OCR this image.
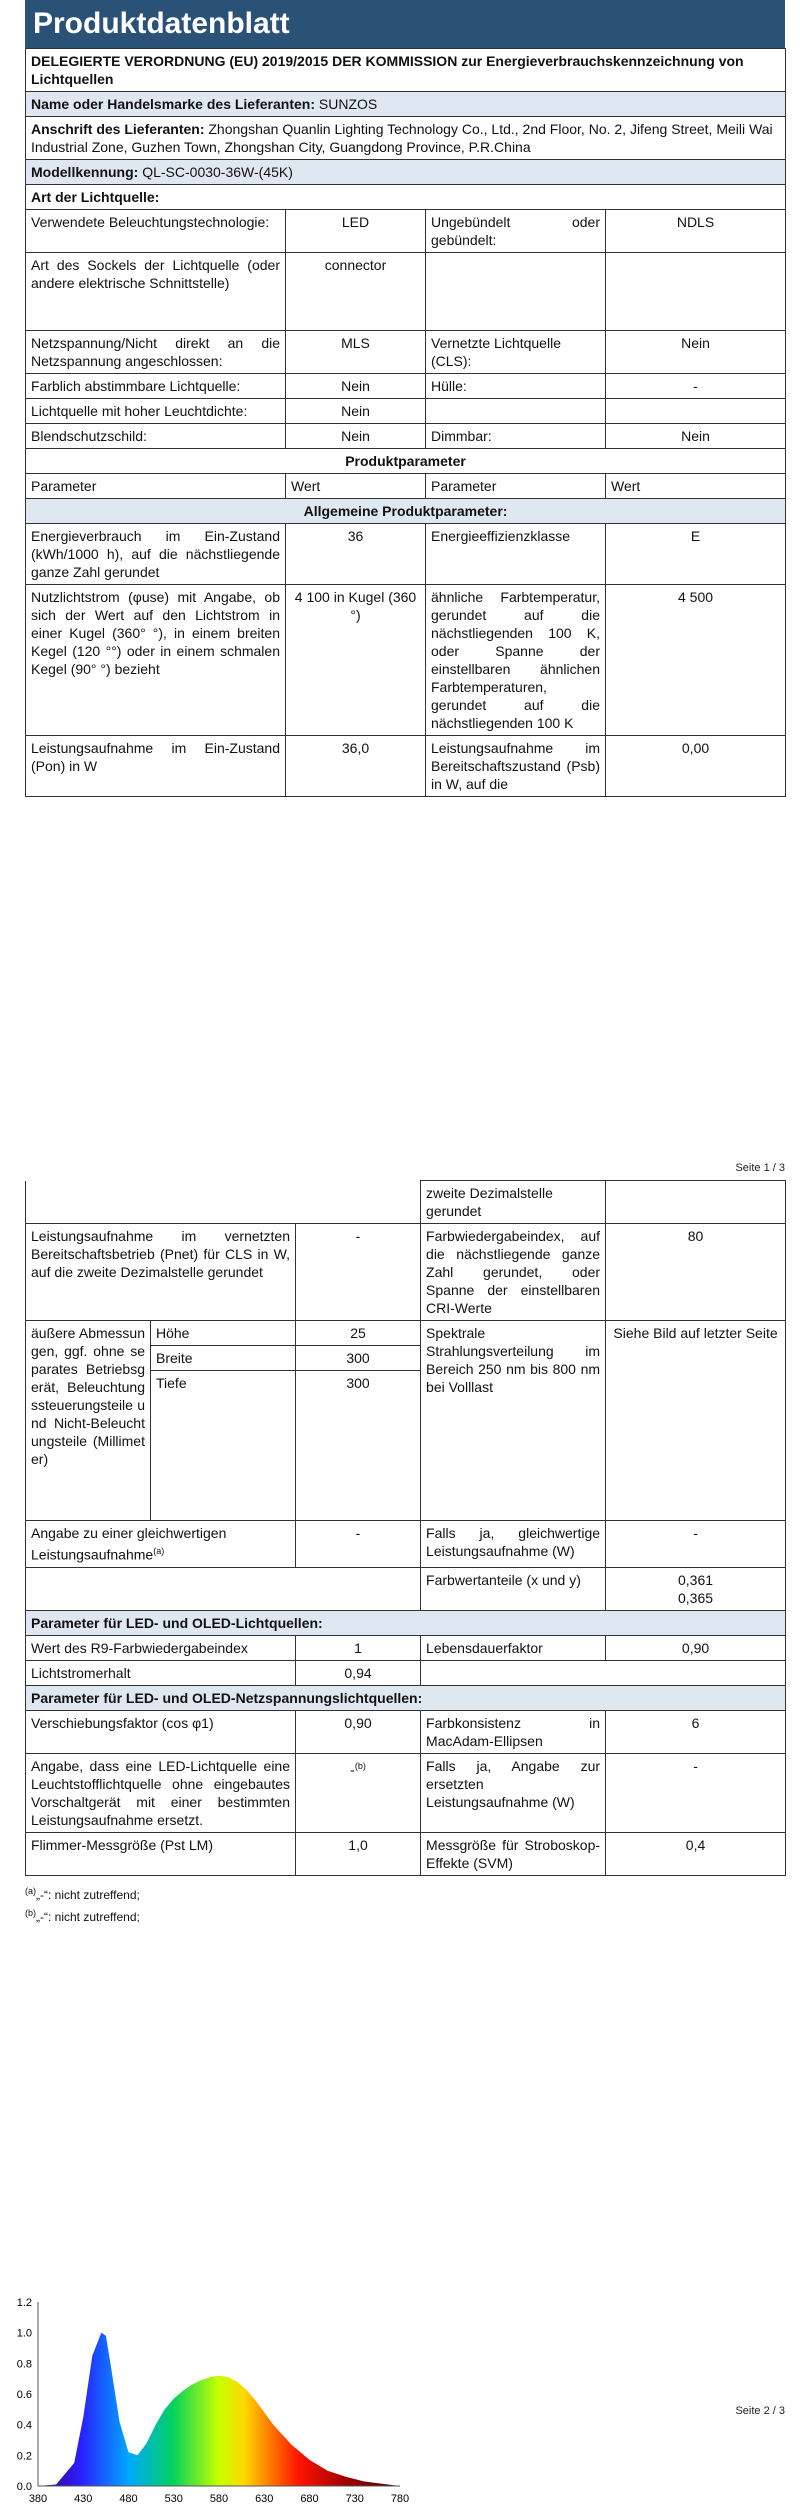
Produktdatenblatt
DELEGIERTE VERORDNUNG (EU) 2019/2015 DER KOMMISSION zur Energieverbrauchskennzeichnung von Lichtquellen			
Name oder Handelsmarke des Lieferanten: SUNZOS			
Anschrift des Lieferanten: Zhongshan Quanlin Lighting Technology Co., Ltd., 2nd Floor, No. 2, Jifeng Street, Meili Wai Industrial Zone, Guzhen Town, Zhongshan City, Guangdong Province, P.R.China			
Modellkennung: QL-SC-0030-36W-(45K)			
Art der Lichtquelle:			
Verwendete Beleuchtungstechnologie:	LED	Ungebündelt oder gebündelt:	NDLS
Art des Sockels der Lichtquelle (oder andere elektrische Schnittstelle)	connector		
Netzspannung/Nicht direkt an die Netzspannung angeschlossen:	MLS	Vernetzte Lichtquelle (CLS):	Nein
Farblich abstimmbare Lichtquelle:	Nein	Hülle:	-
Lichtquelle mit hoher Leuchtdichte:	Nein		
Blendschutzschild:	Nein	Dimmbar:	Nein
Produktparameter			
Parameter	Wert	Parameter	Wert
Allgemeine Produktparameter:			
Energieverbrauch im Ein-Zustand (kWh/1000 h), auf die nächstliegende ganze Zahl gerundet	36	Energieeffizienzklasse	E
Nutzlichtstrom (φuse) mit Angabe, ob sich der Wert auf den Lichtstrom in einer Kugel (360° °), in einem breiten Kegel (120 °°) oder in einem schmalen Kegel (90° °) bezieht	4 100 in Kugel (360 °)	ähnliche Farbtemperatur, gerundet auf die nächstliegenden 100 K, oder Spanne der einstellbaren ähnlichen Farbtemperaturen, gerundet auf die nächstliegenden 100 K	4 500
Leistungsaufnahme im Ein-Zustand (Pon) in W	36,0	Leistungsaufnahme im Bereitschaftszustand (Psb) in W, auf die	0,00
Seite 1 / 3
			zweite Dezimalstelle gerundet	
Leistungsaufnahme im vernetzten Bereitschaftsbetrieb (Pnet) für CLS in W, auf die zweite Dezimalstelle gerundet		-	Farbwiedergabeindex, auf die nächstliegende ganze Zahl gerundet, oder Spanne der einstellbaren CRI-Werte	80
äußere Abmessungen, ggf. ohne separates Betriebsgerät, Beleuchtungssteuerungsteile und Nicht-Beleuchtungsteile (Millimeter)	Höhe	25	Spektrale Strahlungsverteilung im Bereich 250 nm bis 800 nm bei Volllast	Siehe Bild auf letzter Seite
	Breite	300		
	Tiefe	300		
Angabe zu einer gleichwertigen Leistungsaufnahme$^{(a)}$		-	Falls ja, gleichwertige Leistungsaufnahme (W)	-
			Farbwertanteile (x und y)	0,361
0,365

Parameter für LED- und OLED-Lichtquellen:				
Wert des R9-Farbwiedergabeindex		1	Lebensdauerfaktor	0,90
Lichtstromerhalt		0,94		
Parameter für LED- und OLED-Netzspannungslichtquellen:				
Verschiebungsfaktor (cos φ1)		0,90	Farbkonsistenz in MacAdam-Ellipsen	6
Angabe, dass eine LED-Lichtquelle eine Leuchtstofflichtquelle ohne eingebautes Vorschaltgerät mit einer bestimmten Leistungsaufnahme ersetzt.		-$^{(b)}$	Falls ja, Angabe zur ersetzten Leistungsaufnahme (W)	-
Flimmer-Messgröße (Pst LM)		1,0	Messgröße für Stroboskop-Effekte (SVM)	0,4
$^{(a)}$„-“: nicht zutreffend;
$^{(b)}$„-“: nicht zutreffend;
0.0
0.2
0.4
0.6
0.8
1.0
1.2
380 430 480 530 580 630 680 730 780
Seite 2 / 3
